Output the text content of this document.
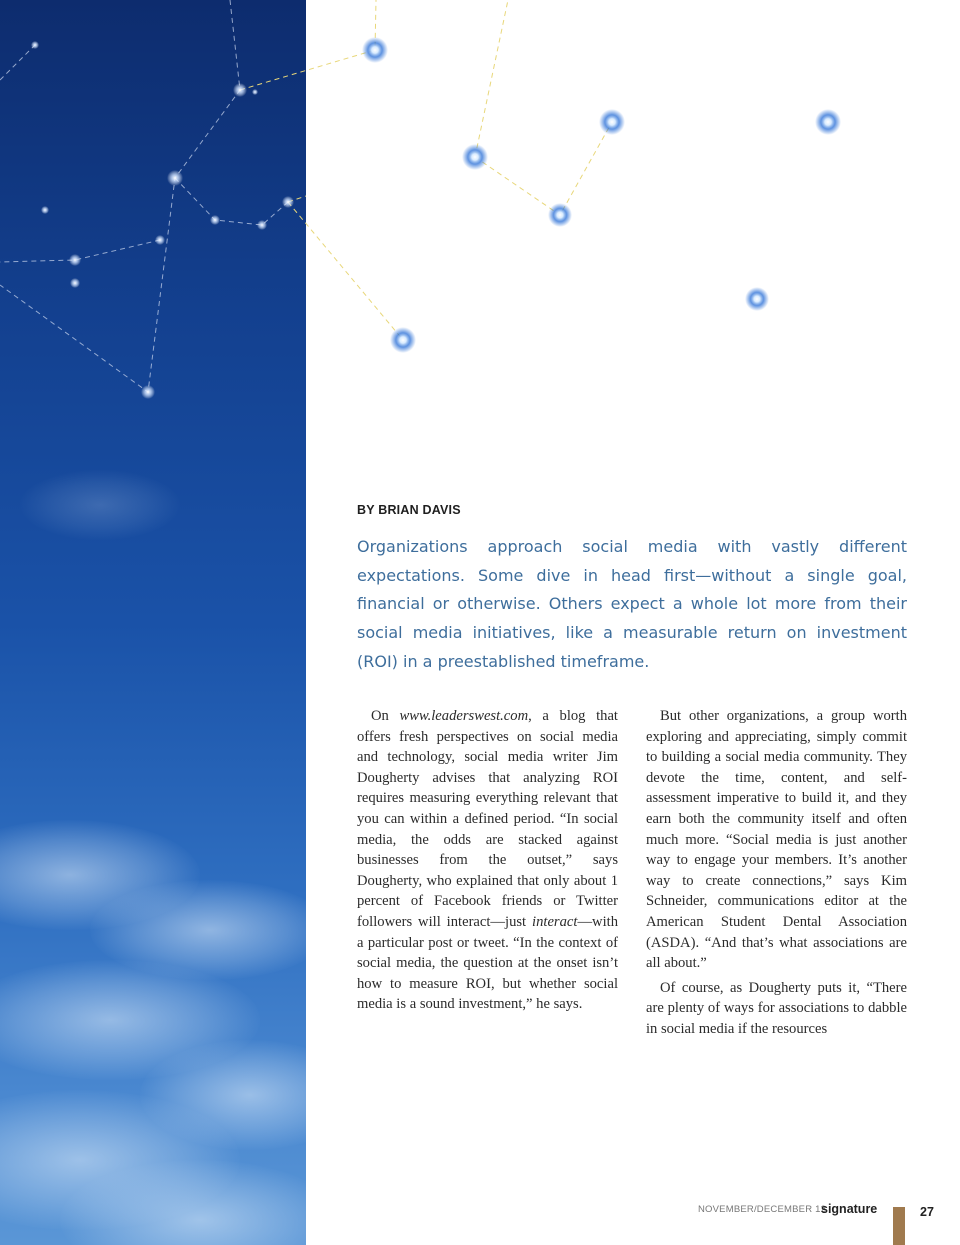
BY BRIAN DAVIS

Organizations approach social media with vastly different expectations. Some dive in head first—without a single goal, financial or otherwise. Others expect a whole lot more from their social media initiatives, like a measurable return on investment (ROI) in a preestablished timeframe.

On www.leaderswest.com, a blog that offers fresh perspectives on social media and technology, social media writer Jim Dougherty advises that analyzing ROI requires measuring everything relevant that you can within a defined period. “In social media, the odds are stacked against businesses from the outset,” says Dougherty, who explained that only about 1 percent of Facebook friends or Twitter followers will interact—just interact—with a particular post or tweet. “In the context of social media, the question at the onset isn’t how to measure ROI, but whether social media is a sound investment,” he says.

But other organizations, a group worth exploring and appreciating, simply commit to building a social media community. They devote the time, content, and self-assessment imperative to build it, and they earn both the community itself and often much more. “Social media is just another way to engage your members. It’s another way to create connections,” says Kim Schneider, communications editor at the American Student Dental Association (ASDA). “And that’s what associations are all about.”

Of course, as Dougherty puts it, “There are plenty of ways for associations to dabble in social media if the resources

NOVEMBER/DECEMBER 12
signature	27
